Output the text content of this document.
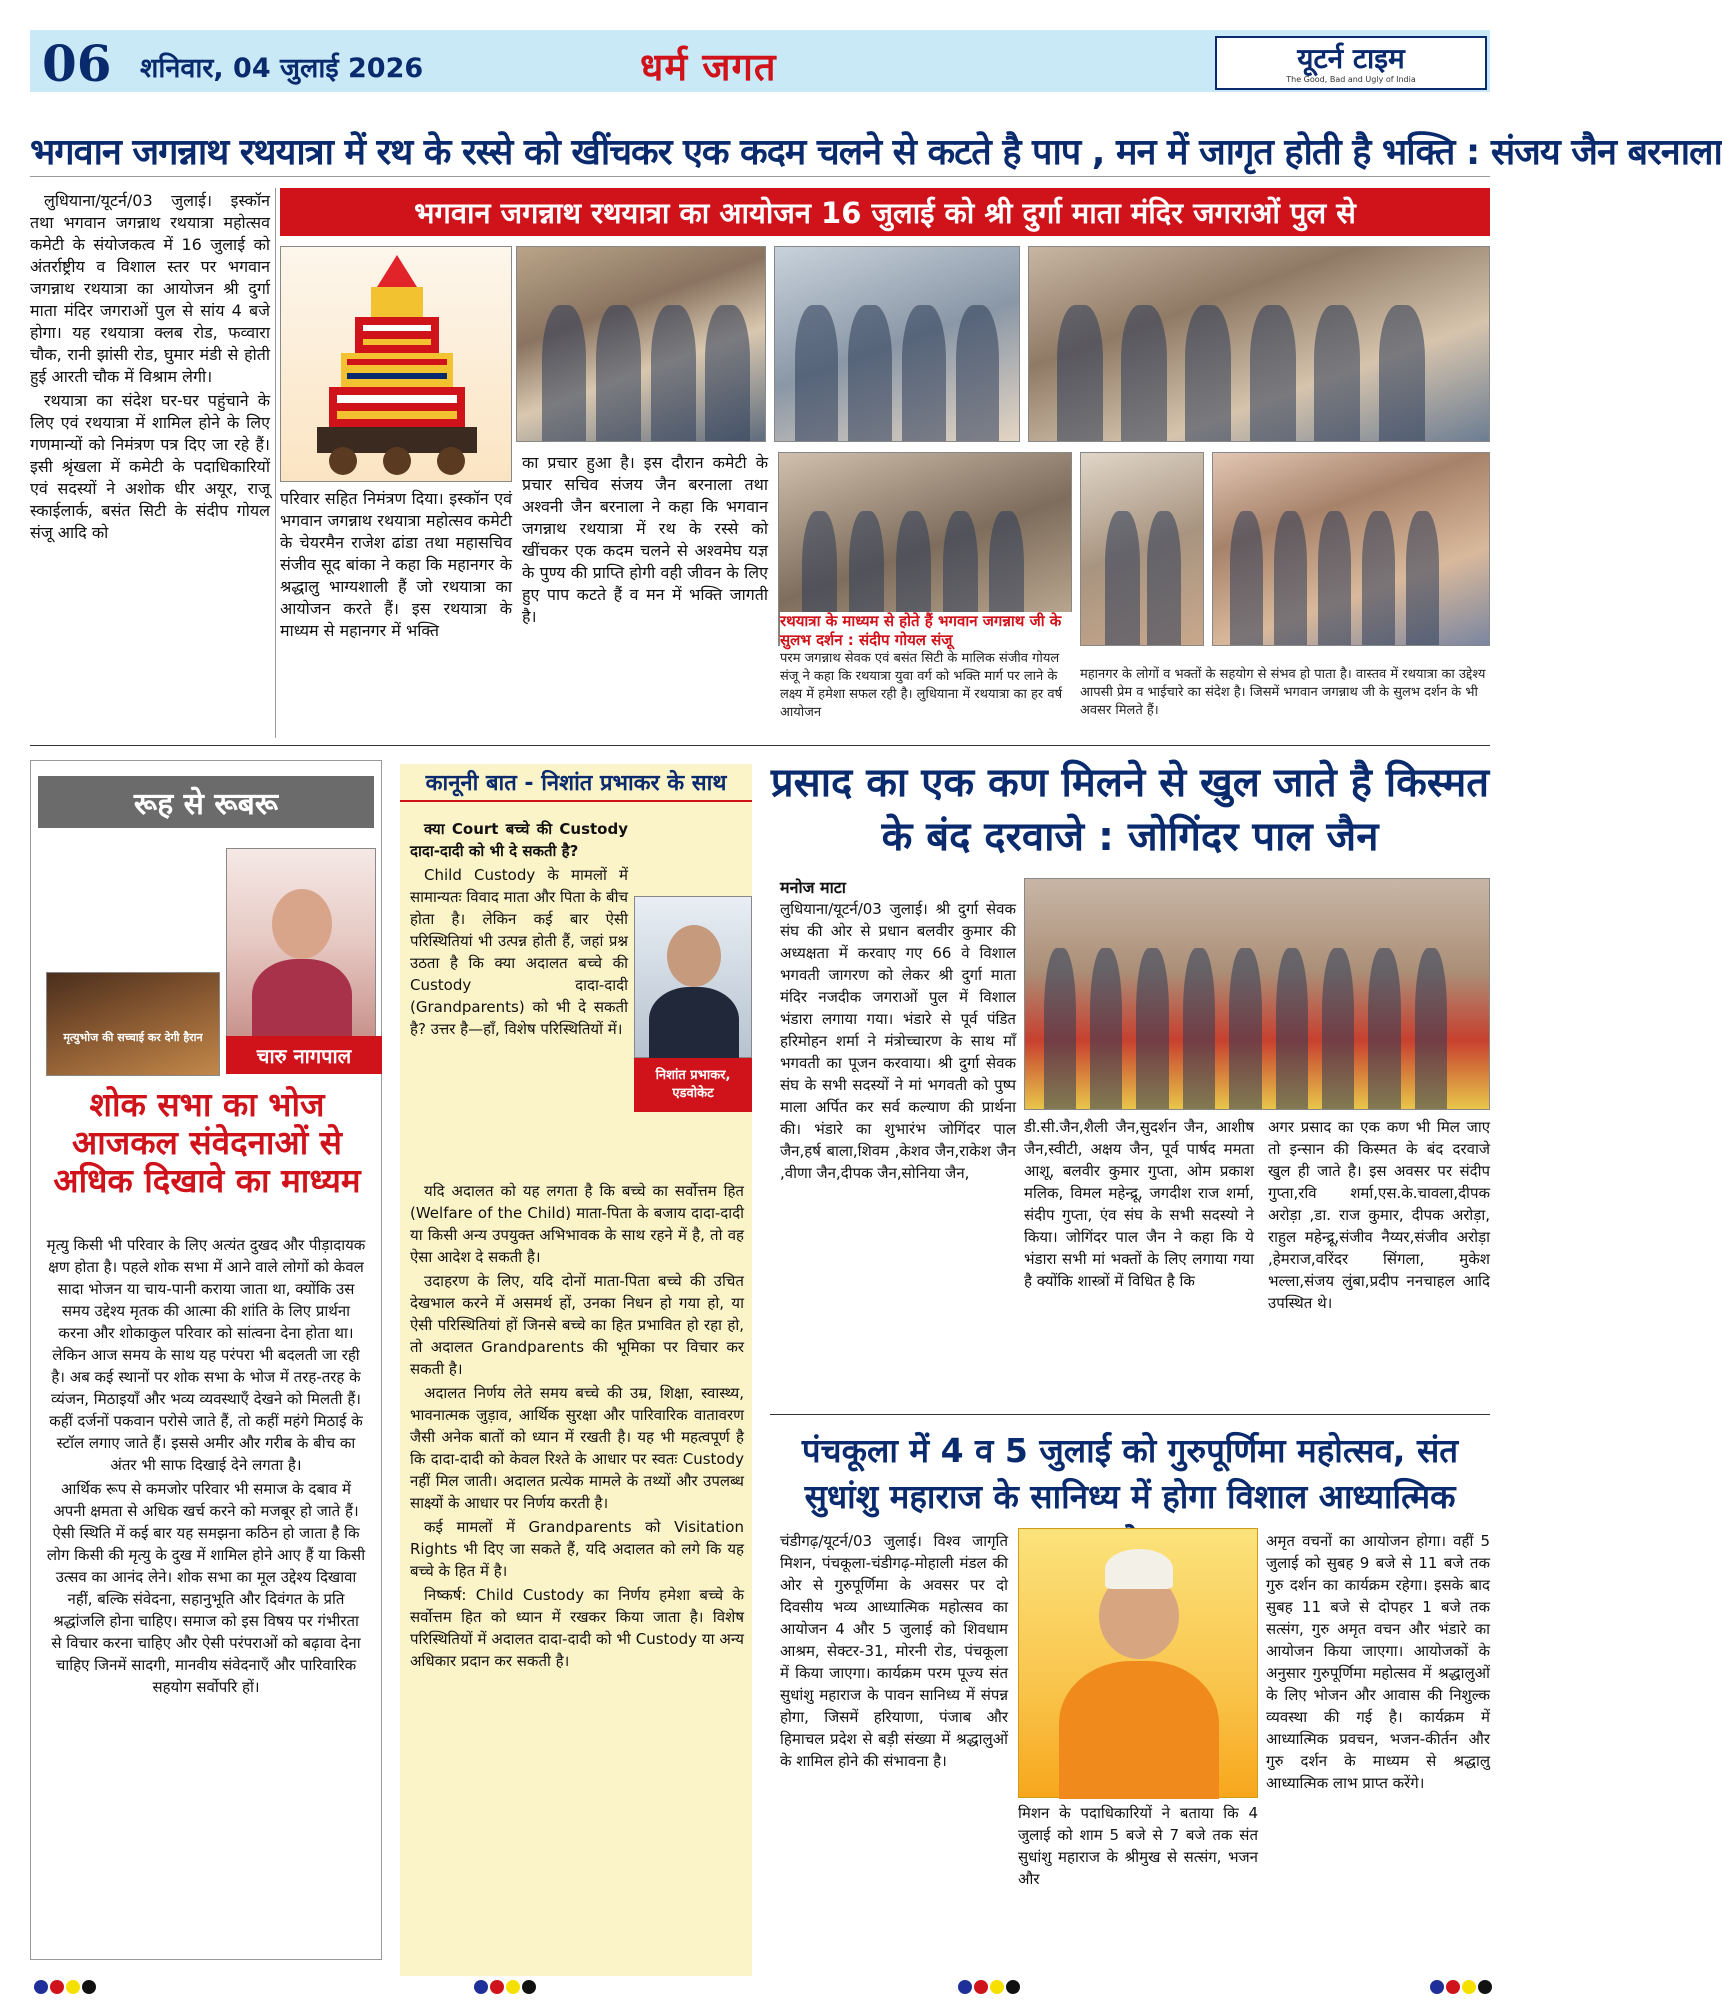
06 शनिवार, 04 जुलाई 2026	धर्म जगत	यूटर्न टाइम
The Good, Bad and Ugly of India
भगवान जगन्नाथ रथयात्रा में रथ के रस्से को खींचकर एक कदम चलने से कटते है पाप , मन में जागृत होती है भक्ति : संजय जैन बरनाला

लुधियाना/यूटर्न/03 जुलाई। इस्कॉन तथा भगवान जगन्नाथ रथयात्रा महोत्सव कमेटी के संयोजकत्व में 16 जुलाई को अंतर्राष्ट्रीय व विशाल स्तर पर भगवान जगन्नाथ रथयात्रा का आयोजन श्री दुर्गा माता मंदिर जगराओं पुल से सांय 4 बजे होगा। यह रथयात्रा क्लब रोड, फव्वारा चौक, रानी झांसी रोड, घुमार मंडी से होती हुई आरती चौक में विश्राम लेगी।

रथयात्रा का संदेश घर-घर पहुंचाने के लिए एवं रथयात्रा में शामिल होने के लिए गणमान्यों को निमंत्रण पत्र दिए जा रहे हैं। इसी श्रृंखला में कमेटी के पदाधिकारियों एवं सदस्यों ने अशोक धीर अयूर, राजू स्काईलार्क, बसंत सिटी के संदीप गोयल संजू आदि को

भगवान जगन्नाथ रथयात्रा का आयोजन 16 जुलाई को श्री दुर्गा माता मंदिर जगराओं पुल से
परिवार सहित निमंत्रण दिया। इस्कॉन एवं भगवान जगन्नाथ रथयात्रा महोत्सव कमेटी के चेयरमैन राजेश ढांडा तथा महासचिव संजीव सूद बांका ने कहा कि महानगर के श्रद्धालु भाग्यशाली हैं जो रथयात्रा का आयोजन करते हैं। इस रथयात्रा के माध्यम से महानगर में भक्ति
का प्रचार हुआ है। इस दौरान कमेटी के प्रचार सचिव संजय जैन बरनाला तथा अश्वनी जैन बरनाला ने कहा कि भगवान जगन्नाथ रथयात्रा में रथ के रस्से को खींचकर एक कदम चलने से अश्वमेघ यज्ञ के पुण्य की प्राप्ति होगी वही जीवन के लिए हुए पाप कटते हैं व मन में भक्ति जागती है।	रथयात्रा के माध्यम से होते हैं भगवान जगन्नाथ जी के सुलभ दर्शन : संदीप गोयल संजू
परम जगन्नाथ सेवक एवं बसंत सिटी के मालिक संजीव गोयल संजू ने कहा कि रथयात्रा युवा वर्ग को भक्ति मार्ग पर लाने के लक्ष्य में हमेशा सफल रही है। लुधियाना में रथयात्रा का हर वर्ष आयोजन
महानगर के लोगों व भक्तों के सहयोग से संभव हो पाता है। वास्तव में रथयात्रा का उद्देश्य आपसी प्रेम व भाईचारे का संदेश है। जिसमें भगवान जगन्नाथ जी के सुलभ दर्शन के भी अवसर मिलते हैं।
रूह से रूबरू
मृत्युभोज की सच्चाई कर देगी हैरान
चारु नागपाल
शोक सभा का भोज आजकल संवेदनाओं से अधिक दिखावे का माध्यम

मृत्यु किसी भी परिवार के लिए अत्यंत दुखद और पीड़ादायक क्षण होता है। पहले शोक सभा में आने वाले लोगों को केवल सादा भोजन या चाय-पानी कराया जाता था, क्योंकि उस समय उद्देश्य मृतक की आत्मा की शांति के लिए प्रार्थना करना और शोकाकुल परिवार को सांत्वना देना होता था। लेकिन आज समय के साथ यह परंपरा भी बदलती जा रही है। अब कई स्थानों पर शोक सभा के भोज में तरह-तरह के व्यंजन, मिठाइयाँ और भव्य व्यवस्थाएँ देखने को मिलती हैं। कहीं दर्जनों पकवान परोसे जाते हैं, तो कहीं महंगे मिठाई के स्टॉल लगाए जाते हैं। इससे अमीर और गरीब के बीच का अंतर भी साफ दिखाई देने लगता है।

आर्थिक रूप से कमजोर परिवार भी समाज के दबाव में अपनी क्षमता से अधिक खर्च करने को मजबूर हो जाते हैं। ऐसी स्थिति में कई बार यह समझना कठिन हो जाता है कि लोग किसी की मृत्यु के दुख में शामिल होने आए हैं या किसी उत्सव का आनंद लेने। शोक सभा का मूल उद्देश्य दिखावा नहीं, बल्कि संवेदना, सहानुभूति और दिवंगत के प्रति श्रद्धांजलि होना चाहिए। समाज को इस विषय पर गंभीरता से विचार करना चाहिए और ऐसी परंपराओं को बढ़ावा देना चाहिए जिनमें सादगी, मानवीय संवेदनाएँ और पारिवारिक सहयोग सर्वोपरि हों।

कानूनी बात - निशांत प्रभाकर के साथ
निशांत प्रभाकर,
एडवोकेट

क्या Court बच्चे की Custody दादा-दादी को भी दे सकती है?

Child Custody के मामलों में सामान्यतः विवाद माता और पिता के बीच होता है। लेकिन कई बार ऐसी परिस्थितियां भी उत्पन्न होती हैं, जहां प्रश्न उठता है कि क्या अदालत बच्चे की Custody दादा-दादी (Grandparents) को भी दे सकती है? उत्तर है—हाँ, विशेष परिस्थितियों में।

यदि अदालत को यह लगता है कि बच्चे का सर्वोत्तम हित (Welfare of the Child) माता-पिता के बजाय दादा-दादी या किसी अन्य उपयुक्त अभिभावक के साथ रहने में है, तो वह ऐसा आदेश दे सकती है।

उदाहरण के लिए, यदि दोनों माता-पिता बच्चे की उचित देखभाल करने में असमर्थ हों, उनका निधन हो गया हो, या ऐसी परिस्थितियां हों जिनसे बच्चे का हित प्रभावित हो रहा हो, तो अदालत Grandparents की भूमिका पर विचार कर सकती है।

अदालत निर्णय लेते समय बच्चे की उम्र, शिक्षा, स्वास्थ्य, भावनात्मक जुड़ाव, आर्थिक सुरक्षा और पारिवारिक वातावरण जैसी अनेक बातों को ध्यान में रखती है। यह भी महत्वपूर्ण है कि दादा-दादी को केवल रिश्ते के आधार पर स्वतः Custody नहीं मिल जाती। अदालत प्रत्येक मामले के तथ्यों और उपलब्ध साक्ष्यों के आधार पर निर्णय करती है।

कई मामलों में Grandparents को Visitation Rights भी दिए जा सकते हैं, यदि अदालत को लगे कि यह बच्चे के हित में है।

निष्कर्ष: Child Custody का निर्णय हमेशा बच्चे के सर्वोत्तम हित को ध्यान में रखकर किया जाता है। विशेष परिस्थितियों में अदालत दादा-दादी को भी Custody या अन्य अधिकार प्रदान कर सकती है।

प्रसाद का एक कण मिलने से खुल जाते है किस्मत के बंद दरवाजे : जोगिंदर पाल जैन
मनोज माटा
लुधियाना/यूटर्न/03 जुलाई। श्री दुर्गा सेवक संघ की ओर से प्रधान बलवीर कुमार की अध्यक्षता में करवाए गए 66 वे विशाल भगवती जागरण को लेकर श्री दुर्गा माता मंदिर नजदीक जगराओं पुल में विशाल भंडारा लगाया गया। भंडारे से पूर्व पंडित हरिमोहन शर्मा ने मंत्रोच्चारण के साथ माँ भगवती का पूजन करवाया। श्री दुर्गा सेवक संघ के सभी सदस्यों ने मां भगवती को पुष्प माला अर्पित कर सर्व कल्याण की प्रार्थना की। भंडारे का शुभारंभ जोगिंदर पाल जैन,हर्ष बाला,शिवम ,केशव जैन,राकेश जैन ,वीणा जैन,दीपक जैन,सोनिया जैन,
डी.सी.जैन,शैली जैन,सुदर्शन जैन, आशीष जैन,स्वीटी, अक्षय जैन, पूर्व पार्षद ममता आशू, बलवीर कुमार गुप्ता, ओम प्रकाश मलिक, विमल महेन्द्रू, जगदीश राज शर्मा, संदीप गुप्ता, एंव संघ के सभी सदस्यो ने किया। जोगिंदर पाल जैन ने कहा कि ये भंडारा सभी मां भक्तों के लिए लगाया गया है क्योंकि शास्त्रों में विधित है कि
अगर प्रसाद का एक कण भी मिल जाए तो इन्सान की किस्मत के बंद दरवाजे खुल ही जाते है। इस अवसर पर संदीप गुप्ता,रवि शर्मा,एस.के.चावला,दीपक अरोड़ा ,डा. राज कुमार, दीपक अरोड़ा, राहुल महेन्द्रू,संजीव नैय्यर,संजीव अरोड़ा ,हेमराज,वरिंदर सिंगला, मुकेश भल्ला,संजय लुंबा,प्रदीप ननचाहल आदि उपस्थित थे।
पंचकूला में 4 व 5 जुलाई को गुरुपूर्णिमा महोत्सव, संत सुधांशु महाराज के सानिध्य में होगा विशाल आध्यात्मिक
चंडीगढ़/यूटर्न/03 जुलाई। विश्व जागृति मिशन, पंचकूला-चंडीगढ़-मोहाली मंडल की ओर से गुरुपूर्णिमा के अवसर पर दो दिवसीय भव्य आध्यात्मिक महोत्सव का आयोजन 4 और 5 जुलाई को शिवधाम आश्रम, सेक्टर-31, मोरनी रोड, पंचकूला में किया जाएगा। कार्यक्रम परम पूज्य संत सुधांशु महाराज के पावन सानिध्य में संपन्न होगा, जिसमें हरियाणा, पंजाब और हिमाचल प्रदेश से बड़ी संख्या में श्रद्धालुओं के शामिल होने की संभावना है।
मिशन के पदाधिकारियों ने बताया कि 4 जुलाई को शाम 5 बजे से 7 बजे तक संत सुधांशु महाराज के श्रीमुख से सत्संग, भजन और
अमृत वचनों का आयोजन होगा। वहीं 5 जुलाई को सुबह 9 बजे से 11 बजे तक गुरु दर्शन का कार्यक्रम रहेगा। इसके बाद सुबह 11 बजे से दोपहर 1 बजे तक सत्संग, गुरु अमृत वचन और भंडारे का आयोजन किया जाएगा। आयोजकों के अनुसार गुरुपूर्णिमा महोत्सव में श्रद्धालुओं के लिए भोजन और आवास की निशुल्क व्यवस्था की गई है। कार्यक्रम में आध्यात्मिक प्रवचन, भजन-कीर्तन और गुरु दर्शन के माध्यम से श्रद्धालु आध्यात्मिक लाभ प्राप्त करेंगे।
